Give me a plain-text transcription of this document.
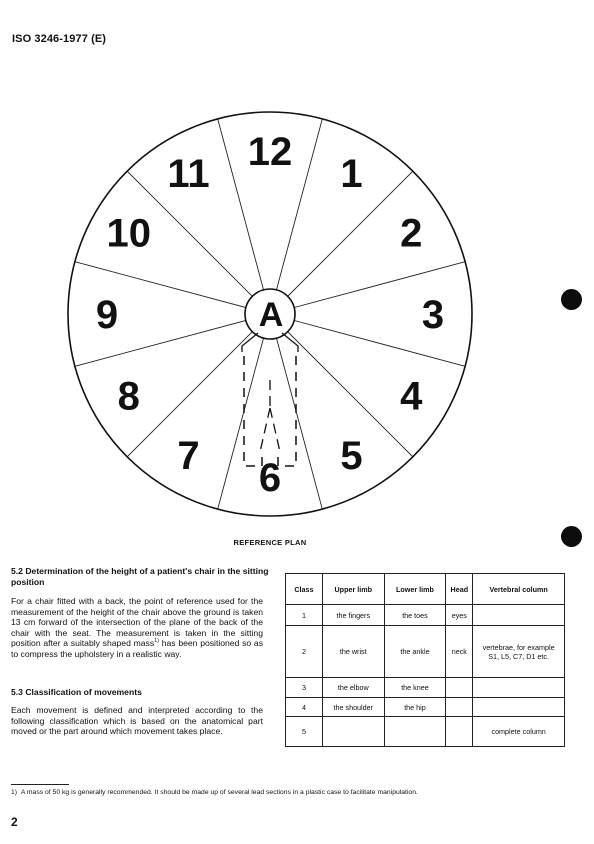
ISO 3246-1977 (E)
A
12 1
2
3
4
5
6
7
8
9
10
11
REFERENCE PLAN
5.2 Determination of the height of a patient's chair in the sitting position
For a chair fitted with a back, the point of reference used for the measurement of the height of the chair above the ground is taken 13 cm forward of the intersection of the plane of the back of the chair with the seat. The measurement is taken in the sitting position after a suitably shaped mass$^{1)}$ has been positioned so as to compress the upholstery in a realistic way.
5.3 Classification of movements
Each movement is defined and interpreted according to the following classification which is based on the anatomical part moved or the part around which movement takes place.
Class	Upper limb	Lower limb	Head	Vertebral column
1	the fingers	the toes	eyes	
2	the wrist	the ankle	neck	vertebrae, for example S1, L5, C7, D1 etc.
3	the elbow	the knee		
4	the shoulder	the hip		
5				complete column
1) A mass of 50 kg is generally recommended. It should be made up of several lead sections in a plastic case to facilitate manipulation.
2
